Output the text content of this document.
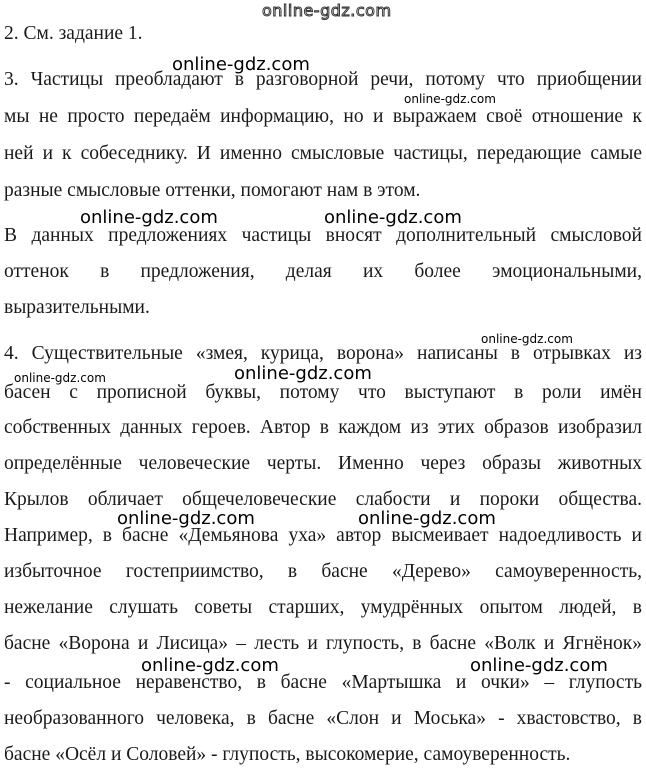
2. См. задание 1.
3. Частицы преобладают в разговорной речи, потому что приобщении
мы не просто передаём информацию, но и выражаем своё отношение к
ней и к собеседнику. И именно смысловые частицы, передающие самые
разные смысловые оттенки, помогают нам в этом.
В данных предложениях частицы вносят дополнительный смысловой
оттенок в предложения, делая их более эмоциональными,
выразительными.
4. Существительные «змея, курица, ворона» написаны в отрывках из
басен с прописной буквы, потому что выступают в роли имён
собственных данных героев. Автор в каждом из этих образов изобразил
определённые человеческие черты. Именно через образы животных
Крылов обличает общечеловеческие слабости и пороки общества.
Например, в басне «Демьянова уха» автор высмеивает надоедливость и
избыточное гостеприимство, в басне «Дерево» самоуверенность,
нежелание слушать советы старших, умудрённых опытом людей, в
басне «Ворона и Лисица» – лесть и глупость, в басне «Волк и Ягнёнок»
- социальное неравенство, в басне «Мартышка и очки» – глупость
необразованного человека, в басне «Слон и Моська» - хвастовство, в
басне «Осёл и Соловей» - глупость, высокомерие, самоуверенность.
online-gdz.com
online-gdz.com
online-gdz.com
online-gdz.com	online-gdz.com
online-gdz.com
online-gdz.com
online-gdz.com
online-gdz.com	online-gdz.com
online-gdz.com	online-gdz.com
